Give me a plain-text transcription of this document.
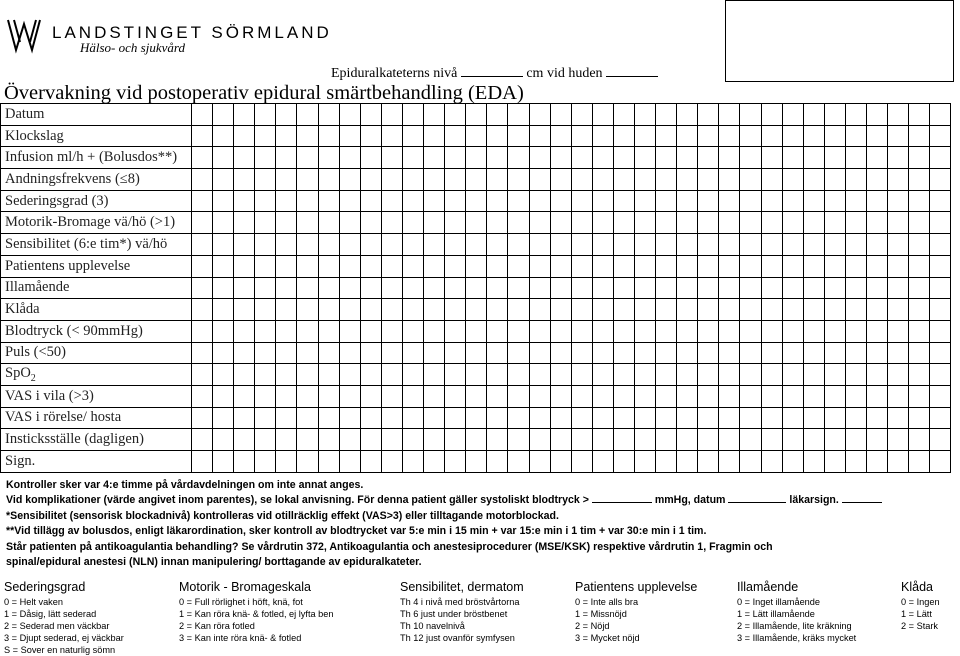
LANDSTINGET SÖRMLAND
Hälso- och sjukvård
Epiduralkateterns nivå	cm vid huden
Övervakning vid postoperativ epidural smärtbehandling (EDA)
Datum																																				
Klockslag																																				
Infusion ml/h + (Bolusdos**)																																				
Andningsfrekvens (≤8)																																				
Sederingsgrad (3)																																				
Motorik-Bromage vä/hö (>1)																																				
Sensibilitet (6:e tim*) vä/hö																																				
Patientens upplevelse																																				
Illamående																																				
Klåda																																				
Blodtryck (< 90mmHg)																																				
Puls (<50)																																				
SpO$_2$																																				
VAS i vila (>3)																																				
VAS i rörelse/ hosta																																				
Insticksställe (dagligen)																																				
Sign.																																				
Kontroller sker var 4:e timme på vårdavdelningen om inte annat anges.
Vid komplikationer (värde angivet inom parentes), se lokal anvisning. För denna patient gäller systoliskt blodtryck >	mmHg, datum	läkarsign.
*Sensibilitet (sensorisk blockadnivå) kontrolleras vid otillräcklig effekt (VAS>3) eller tilltagande motorblockad.
**Vid tillägg av bolusdos, enligt läkarordination, sker kontroll av blodtrycket var 5:e min i 15 min + var 15:e min i 1 tim + var 30:e min i 1 tim.
Står patienten på antikoagulantia behandling? Se vårdrutin 372, Antikoagulantia och anestesiprocedurer (MSE/KSK) respektive vårdrutin 1, Fragmin och
spinal/epidural anestesi (NLN) innan manipulering/ borttagande av epiduralkateter.
Sederingsgrad
0 = Helt vaken
1 = Dåsig, lätt sederad
2 = Sederad men väckbar
3 = Djupt sederad, ej väckbar
S = Sover en naturlig sömn
Motorik - Bromageskala
0 = Full rörlighet i höft, knä, fot
1 = Kan röra knä- & fotled, ej lyfta ben
2 = Kan röra fotled
3 = Kan inte röra knä- & fotled
Sensibilitet, dermatom
Th 4 i nivå med bröstvårtorna
Th 6 just under bröstbenet
Th 10 navelnivå
Th 12 just ovanför symfysen
Patientens upplevelse
0 = Inte alls bra
1 = Missnöjd
2 = Nöjd
3 = Mycket nöjd
Illamående
0 = Inget illamående
1 = Lätt illamående
2 = Illamående, lite kräkning
3 = Illamående, kräks mycket
Klåda
0 = Ingen
1 = Lätt
2 = Stark
